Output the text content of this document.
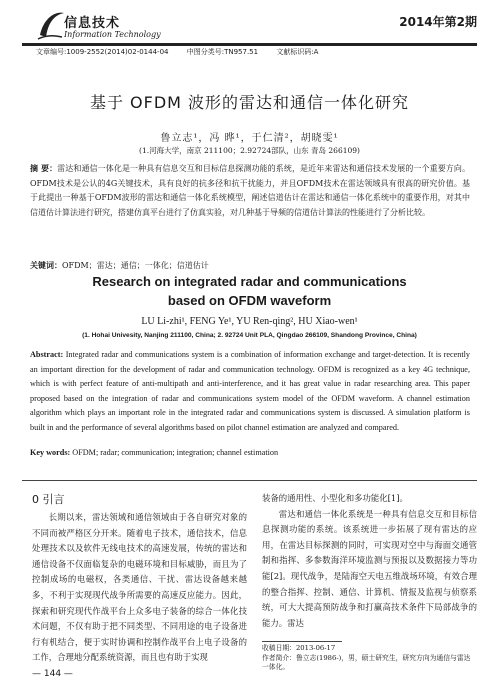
信息技术
Information Technology
2014年第2期
文章编号:1009-2552(2014)02-0144-04	中图分类号:TN957.51	文献标识码:A
基于 OFDM 波形的雷达和通信一体化研究
鲁立志¹，冯 晔¹，于仁清²，胡晓雯¹
(1.河海大学，南京 211100；2.92724部队，山东 青岛 266109)
摘 要：雷达和通信一体化是一种具有信息交互和目标信息探测功能的系统，是近年来雷达和通信技术发展的一个重要方向。OFDM技术是公认的4G关键技术，具有良好的抗多径和抗干扰能力，并且OFDM技术在雷达领域具有很高的研究价值。基于此提出一种基于OFDM波形的雷达和通信一体化系统模型，阐述信道估计在雷达和通信一体化系统中的重要作用，对其中信道估计算法进行研究，搭建仿真平台进行了仿真实验，对几种基于导频的信道估计算法的性能进行了分析比较。
关键词：OFDM；雷达；通信；一体化；信道估计
Research on integrated radar and communications
based on OFDM waveform
LU Li-zhi¹, FENG Ye¹, YU Ren-qing², HU Xiao-wen¹
(1. Hohai Univesity, Nanjing 211100, China; 2. 92724 Unit PLA, Qingdao 266109, Shandong Province, China)
Abstract: Integrated radar and communications system is a combination of information exchange and target-detection. It is recently an important direction for the development of radar and communication technology. OFDM is recognized as a key 4G technique, which is with perfect feature of anti-multipath and anti-interference, and it has great value in radar researching area. This paper proposed based on the integration of radar and communications system model of the OFDM waveform. A channel estimation algorithm which plays an important role in the integrated radar and communications system is discussed. A simulation platform is built in and the performance of several algorithms based on pilot channel estimation are analyzed and compared.
Key words: OFDM; radar; communication; integration; channel estimation
0 引言

长期以来，雷达领域和通信领域由于各自研究对象的不同而被严格区分开来。随着电子技术，通信技术，信息处理技术以及软件无线电技术的高速发展，传统的雷达和通信设备不仅面临复杂的电磁环境和目标威胁，而且为了控制成场的电磁权，各类通信、干扰、雷达设备越来越多，不利于实现现代战争所需要的高速反应能力。因此，探索和研究现代作战平台上众多电子装备的综合一体化技术问题，不仅有助于把不同类型、不同用途的电子设备进行有机结合，便于实时协调和控制作战平台上电子设备的工作，合理地分配系统资源，而且也有助于实现

装备的通用性、小型化和多功能化[1]。

雷达和通信一体化系统是一种具有信息交互和目标信息探测功能的系统。该系统进一步拓展了现有雷达的应用，在雷达目标探测的同时，可实现对空中与海面交通管制和指挥、多参数海洋环境监测与预报以及数据接力等功能[2]。现代战争，是陆海空天电五维战场环境，有效合理的整合指挥、控制、通信、计算机、情报及监视与侦察系统，可大大提高预防战争和打赢高技术条件下局部战争的能力。雷达

收稿日期：2013-06-17
作者简介：鲁立志(1986-)，男，硕士研究生，研究方向为通信与雷达一体化。
— 144 —
